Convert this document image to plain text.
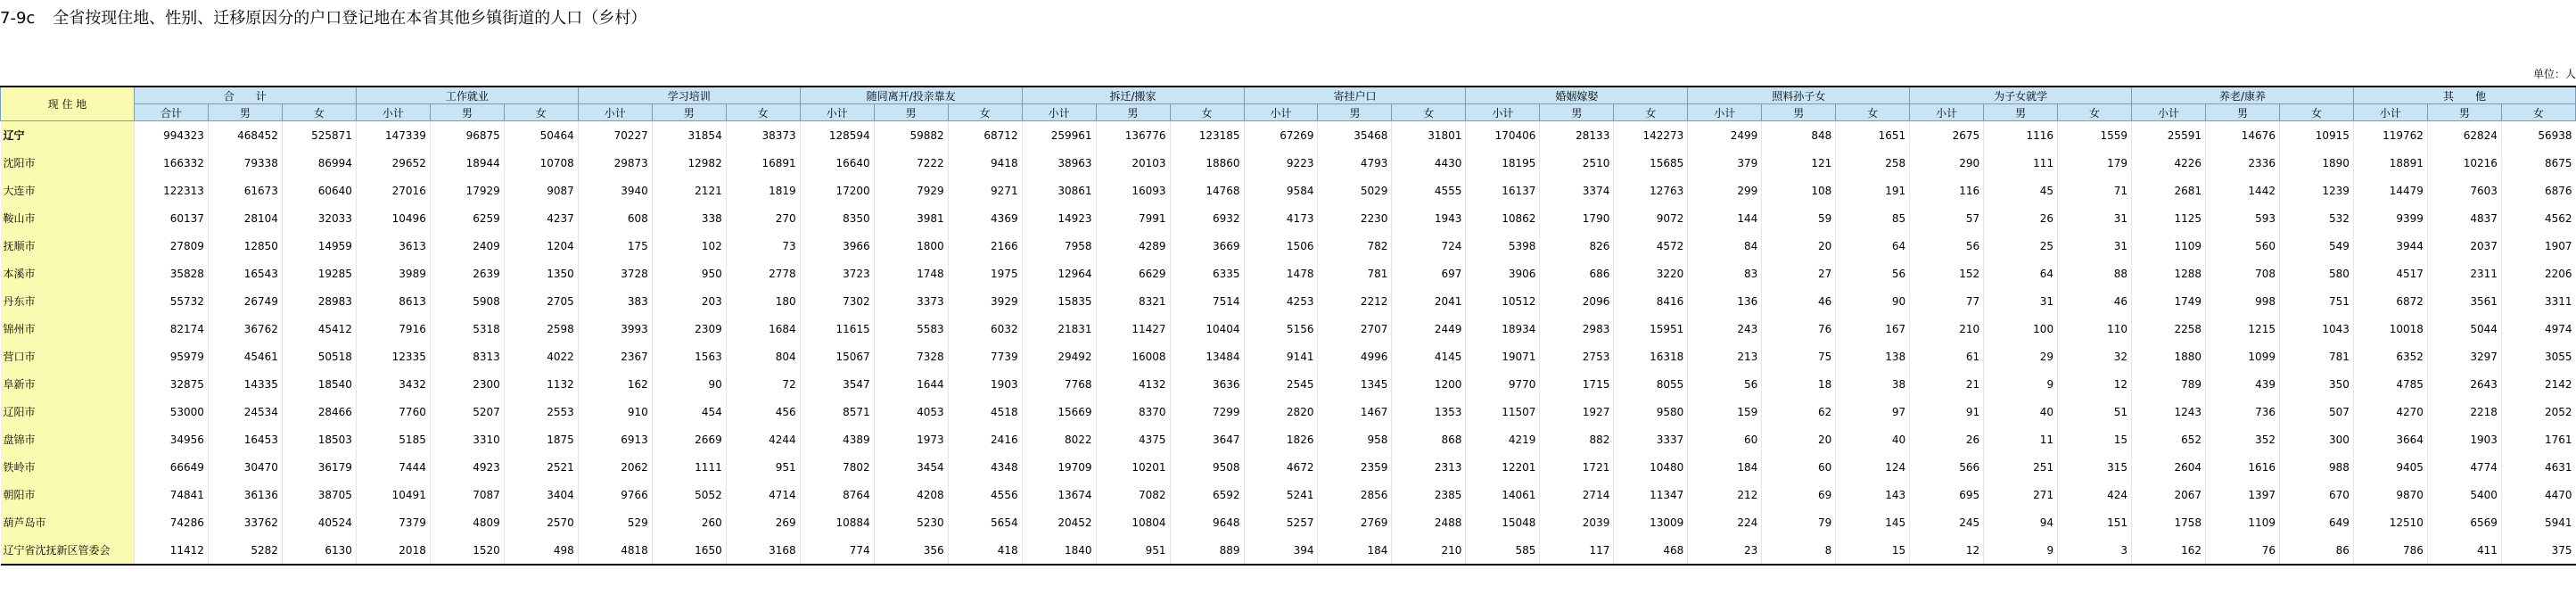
7-9c 全省按现住地、性别、迁移原因分的户口登记地在本省其他乡镇街道的人口（乡村）
单位：人
现 住 地	合　　计			工作就业			学习培训			随同离开/投亲靠友			拆迁/搬家			寄挂户口			婚姻嫁娶			照料孙子女			为子女就学			养老/康养			其　　他		
	合计	男	女	小计	男	女	小计	男	女	小计	男	女	小计	男	女	小计	男	女	小计	男	女	小计	男	女	小计	男	女	小计	男	女	小计	男	女
辽宁	994323	468452	525871	147339	96875	50464	70227	31854	38373	128594	59882	68712	259961	136776	123185	67269	35468	31801	170406	28133	142273	2499	848	1651	2675	1116	1559	25591	14676	10915	119762	62824	56938
沈阳市	166332	79338	86994	29652	18944	10708	29873	12982	16891	16640	7222	9418	38963	20103	18860	9223	4793	4430	18195	2510	15685	379	121	258	290	111	179	4226	2336	1890	18891	10216	8675
大连市	122313	61673	60640	27016	17929	9087	3940	2121	1819	17200	7929	9271	30861	16093	14768	9584	5029	4555	16137	3374	12763	299	108	191	116	45	71	2681	1442	1239	14479	7603	6876
鞍山市	60137	28104	32033	10496	6259	4237	608	338	270	8350	3981	4369	14923	7991	6932	4173	2230	1943	10862	1790	9072	144	59	85	57	26	31	1125	593	532	9399	4837	4562
抚顺市	27809	12850	14959	3613	2409	1204	175	102	73	3966	1800	2166	7958	4289	3669	1506	782	724	5398	826	4572	84	20	64	56	25	31	1109	560	549	3944	2037	1907
本溪市	35828	16543	19285	3989	2639	1350	3728	950	2778	3723	1748	1975	12964	6629	6335	1478	781	697	3906	686	3220	83	27	56	152	64	88	1288	708	580	4517	2311	2206
丹东市	55732	26749	28983	8613	5908	2705	383	203	180	7302	3373	3929	15835	8321	7514	4253	2212	2041	10512	2096	8416	136	46	90	77	31	46	1749	998	751	6872	3561	3311
锦州市	82174	36762	45412	7916	5318	2598	3993	2309	1684	11615	5583	6032	21831	11427	10404	5156	2707	2449	18934	2983	15951	243	76	167	210	100	110	2258	1215	1043	10018	5044	4974
营口市	95979	45461	50518	12335	8313	4022	2367	1563	804	15067	7328	7739	29492	16008	13484	9141	4996	4145	19071	2753	16318	213	75	138	61	29	32	1880	1099	781	6352	3297	3055
阜新市	32875	14335	18540	3432	2300	1132	162	90	72	3547	1644	1903	7768	4132	3636	2545	1345	1200	9770	1715	8055	56	18	38	21	9	12	789	439	350	4785	2643	2142
辽阳市	53000	24534	28466	7760	5207	2553	910	454	456	8571	4053	4518	15669	8370	7299	2820	1467	1353	11507	1927	9580	159	62	97	91	40	51	1243	736	507	4270	2218	2052
盘锦市	34956	16453	18503	5185	3310	1875	6913	2669	4244	4389	1973	2416	8022	4375	3647	1826	958	868	4219	882	3337	60	20	40	26	11	15	652	352	300	3664	1903	1761
铁岭市	66649	30470	36179	7444	4923	2521	2062	1111	951	7802	3454	4348	19709	10201	9508	4672	2359	2313	12201	1721	10480	184	60	124	566	251	315	2604	1616	988	9405	4774	4631
朝阳市	74841	36136	38705	10491	7087	3404	9766	5052	4714	8764	4208	4556	13674	7082	6592	5241	2856	2385	14061	2714	11347	212	69	143	695	271	424	2067	1397	670	9870	5400	4470
葫芦岛市	74286	33762	40524	7379	4809	2570	529	260	269	10884	5230	5654	20452	10804	9648	5257	2769	2488	15048	2039	13009	224	79	145	245	94	151	1758	1109	649	12510	6569	5941
辽宁省沈抚新区管委会	11412	5282	6130	2018	1520	498	4818	1650	3168	774	356	418	1840	951	889	394	184	210	585	117	468	23	8	15	12	9	3	162	76	86	786	411	375
